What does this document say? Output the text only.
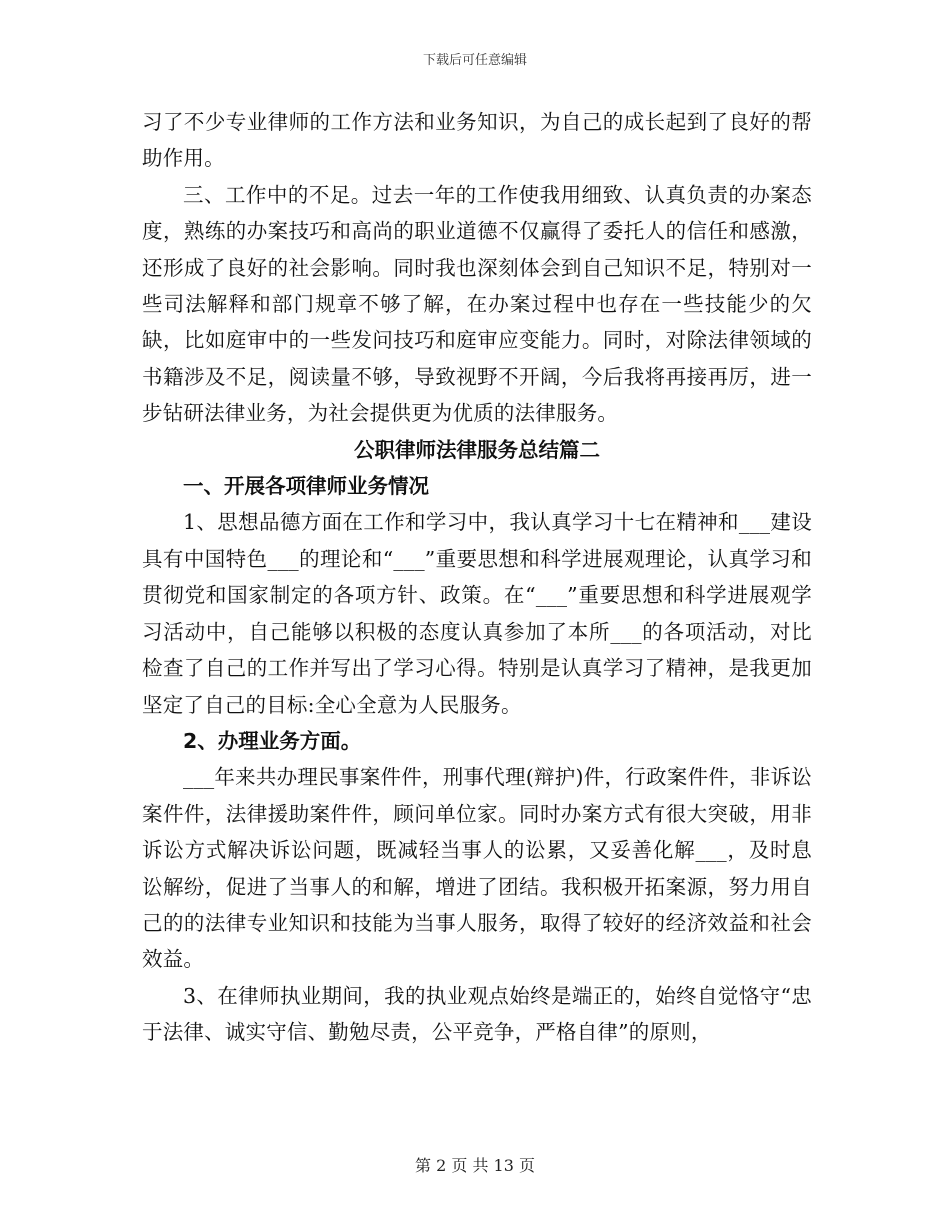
下载后可任意编辑

习了不少专业律师的工作方法和业务知识，为自己的成长起到了良好的帮助作用。

三、工作中的不足。过去一年的工作使我用细致、认真负责的办案态度，熟练的办案技巧和高尚的职业道德不仅赢得了委托人的信任和感激，还形成了良好的社会影响。同时我也深刻体会到自己知识不足，特别对一些司法解释和部门规章不够了解，在办案过程中也存在一些技能少的欠缺，比如庭审中的一些发问技巧和庭审应变能力。同时，对除法律领域的书籍涉及不足，阅读量不够，导致视野不开阔，今后我将再接再厉，进一步钻研法律业务，为社会提供更为优质的法律服务。

公职律师法律服务总结篇二

一、开展各项律师业务情况

1、思想品德方面在工作和学习中，我认真学习十七在精神和___建设具有中国特色___的理论和“___”重要思想和科学进展观理论，认真学习和贯彻党和国家制定的各项方针、政策。在“___”重要思想和科学进展观学习活动中，自己能够以积极的态度认真参加了本所___的各项活动，对比检查了自己的工作并写出了学习心得。特别是认真学习了精神，是我更加坚定了自己的目标:全心全意为人民服务。

2、办理业务方面。

___年来共办理民事案件件，刑事代理(辩护)件，行政案件件，非诉讼案件件，法律援助案件件，顾问单位家。同时办案方式有很大突破，用非诉讼方式解决诉讼问题，既减轻当事人的讼累，又妥善化解___，及时息讼解纷，促进了当事人的和解，增进了团结。我积极开拓案源，努力用自己的的法律专业知识和技能为当事人服务，取得了较好的经济效益和社会效益。

3、在律师执业期间，我的执业观点始终是端正的，始终自觉恪守“忠于法律、诚实守信、勤勉尽责，公平竞争，严格自律”的原则，

第 2 页 共 13 页
